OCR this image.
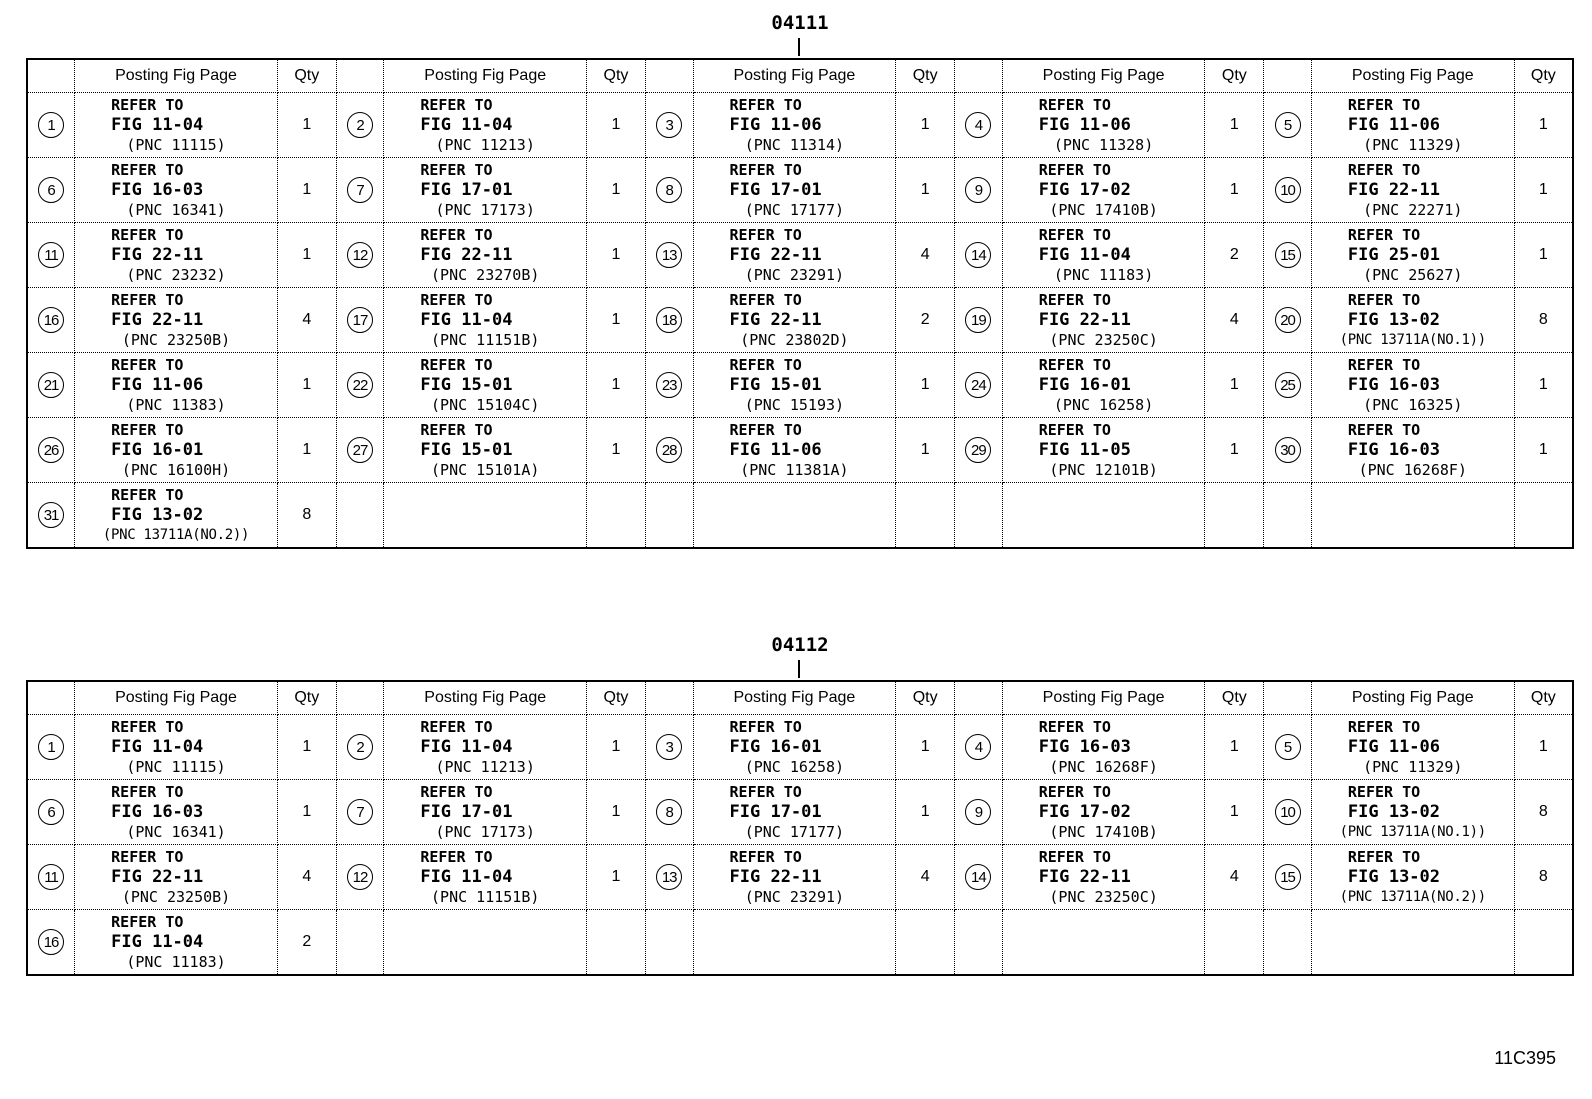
04111
	Posting Fig Page	Qty		Posting Fig Page	Qty		Posting Fig Page	Qty		Posting Fig Page	Qty		Posting Fig Page	Qty

1	REFER TO
FIG 11-04
(PNC 11115)	1	2	REFER TO
FIG 11-04
(PNC 11213)	1	3	REFER TO
FIG 11-06
(PNC 11314)	1	4	REFER TO
FIG 11-06
(PNC 11328)	1	5	REFER TO
FIG 11-06
(PNC 11329)	1

6	REFER TO
FIG 16-03
(PNC 16341)	1	7	REFER TO
FIG 17-01
(PNC 17173)	1	8	REFER TO
FIG 17-01
(PNC 17177)	1	9	REFER TO
FIG 17-02
(PNC 17410B)	1	10	REFER TO
FIG 22-11
(PNC 22271)	1

11	REFER TO
FIG 22-11
(PNC 23232)	1	12	REFER TO
FIG 22-11
(PNC 23270B)	1	13	REFER TO
FIG 22-11
(PNC 23291)	4	14	REFER TO
FIG 11-04
(PNC 11183)	2	15	REFER TO
FIG 25-01
(PNC 25627)	1

16	REFER TO
FIG 22-11
(PNC 23250B)	4	17	REFER TO
FIG 11-04
(PNC 11151B)	1	18	REFER TO
FIG 22-11
(PNC 23802D)	2	19	REFER TO
FIG 22-11
(PNC 23250C)	4	20	REFER TO
FIG 13-02
(PNC 13711A(NO.1))	8

21	REFER TO
FIG 11-06
(PNC 11383)	1	22	REFER TO
FIG 15-01
(PNC 15104C)	1	23	REFER TO
FIG 15-01
(PNC 15193)	1	24	REFER TO
FIG 16-01
(PNC 16258)	1	25	REFER TO
FIG 16-03
(PNC 16325)	1

26	REFER TO
FIG 16-01
(PNC 16100H)	1	27	REFER TO
FIG 15-01
(PNC 15101A)	1	28	REFER TO
FIG 11-06
(PNC 11381A)	1	29	REFER TO
FIG 11-05
(PNC 12101B)	1	30	REFER TO
FIG 16-03
(PNC 16268F)	1

31	REFER TO
FIG 13-02
(PNC 13711A(NO.2))	8												
04112
	Posting Fig Page	Qty		Posting Fig Page	Qty		Posting Fig Page	Qty		Posting Fig Page	Qty		Posting Fig Page	Qty

1	REFER TO
FIG 11-04
(PNC 11115)	1	2	REFER TO
FIG 11-04
(PNC 11213)	1	3	REFER TO
FIG 16-01
(PNC 16258)	1	4	REFER TO
FIG 16-03
(PNC 16268F)	1	5	REFER TO
FIG 11-06
(PNC 11329)	1

6	REFER TO
FIG 16-03
(PNC 16341)	1	7	REFER TO
FIG 17-01
(PNC 17173)	1	8	REFER TO
FIG 17-01
(PNC 17177)	1	9	REFER TO
FIG 17-02
(PNC 17410B)	1	10	REFER TO
FIG 13-02
(PNC 13711A(NO.1))	8

11	REFER TO
FIG 22-11
(PNC 23250B)	4	12	REFER TO
FIG 11-04
(PNC 11151B)	1	13	REFER TO
FIG 22-11
(PNC 23291)	4	14	REFER TO
FIG 22-11
(PNC 23250C)	4	15	REFER TO
FIG 13-02
(PNC 13711A(NO.2))	8

16	REFER TO
FIG 11-04
(PNC 11183)	2												
11C395
